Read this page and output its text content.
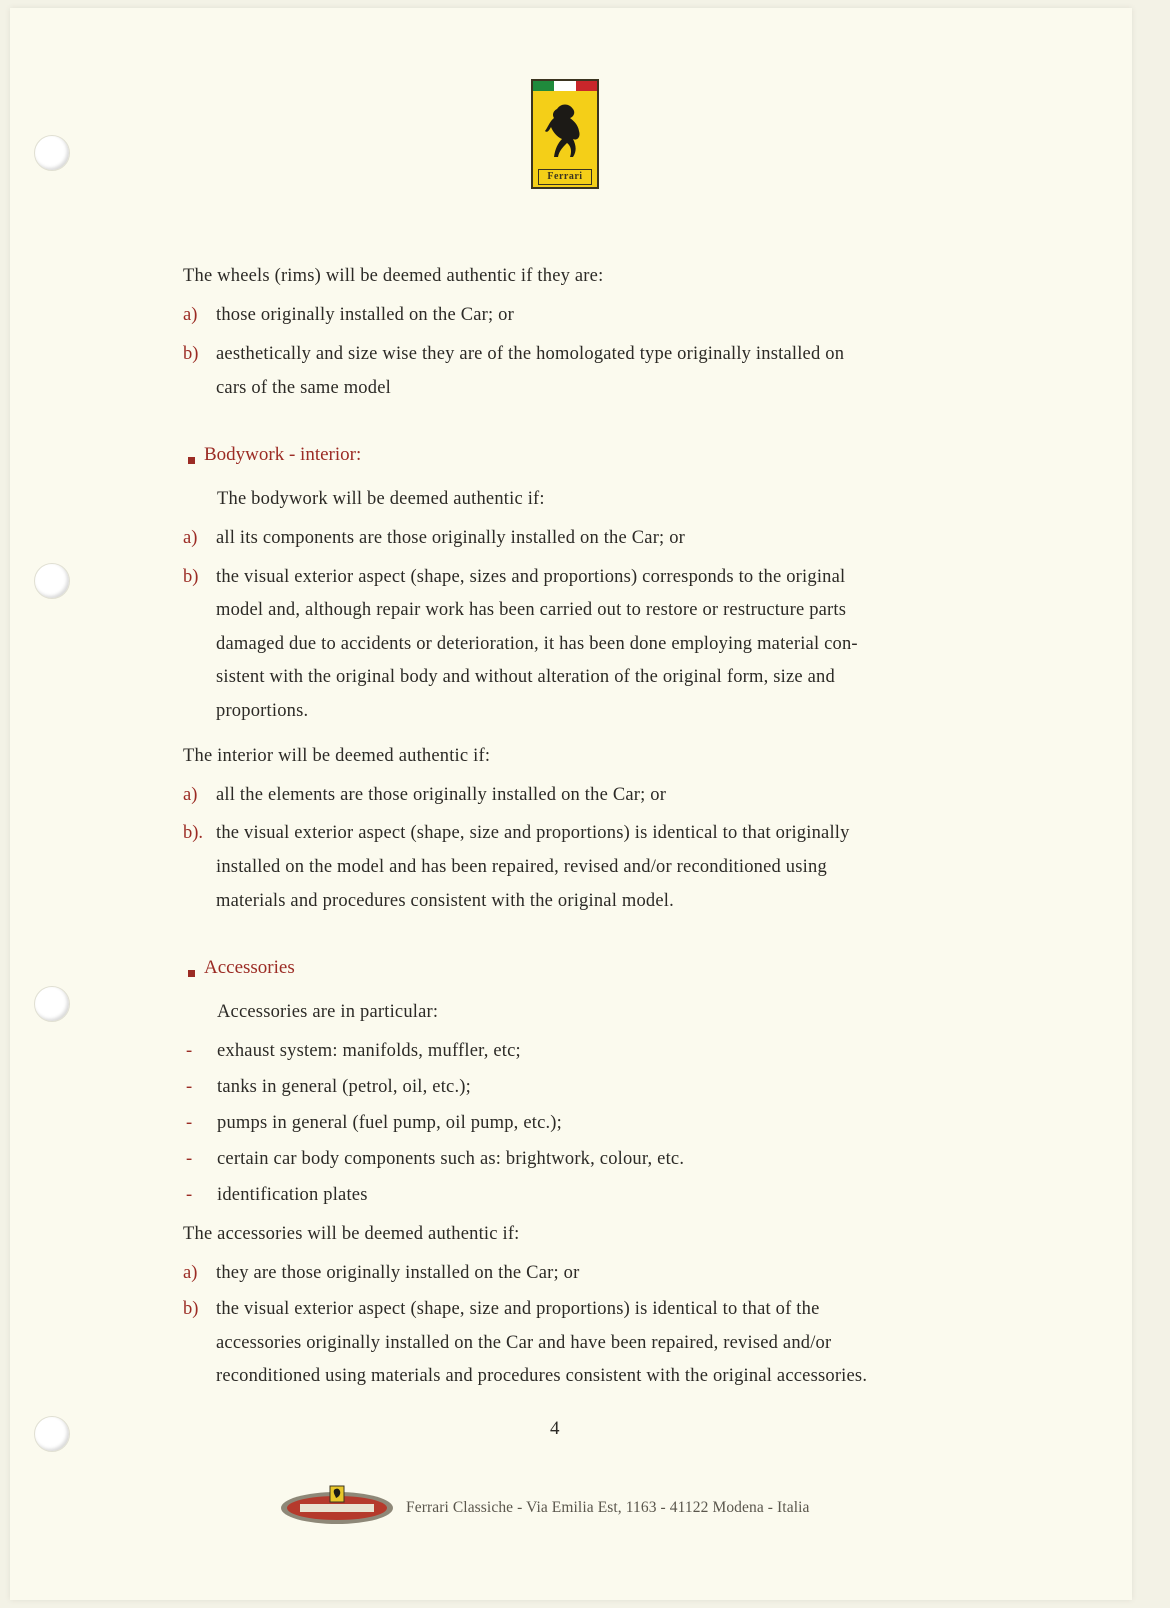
Ferrari
The wheels (rims) will be deemed authentic if they are:
a) those originally installed on the Car; or
b) aesthetically and size wise they are of the homologated type originally installed on
cars of the same model
Bodywork - interior:
The bodywork will be deemed authentic if:
a) all its components are those originally installed on the Car; or
b) the visual exterior aspect (shape, sizes and proportions) corresponds to the original
model and, although repair work has been carried out to restore or restructure parts
damaged due to accidents or deterioration, it has been done employing material con-
sistent with the original body and without alteration of the original form, size and
proportions.
The interior will be deemed authentic if:
a) all the elements are those originally installed on the Car; or
b). the visual exterior aspect (shape, size and proportions) is identical to that originally
installed on the model and has been repaired, revised and/or reconditioned using
materials and procedures consistent with the original model.
Accessories
Accessories are in particular:
- exhaust system: manifolds, muffler, etc;
- tanks in general (petrol, oil, etc.);
- pumps in general (fuel pump, oil pump, etc.);
- certain car body components such as: brightwork, colour, etc.
- identification plates
The accessories will be deemed authentic if:
a) they are those originally installed on the Car; or
b) the visual exterior aspect (shape, size and proportions) is identical to that of the
accessories originally installed on the Car and have been repaired, revised and/or
reconditioned using materials and procedures consistent with the original accessories.
4
Ferrari Classiche - Via Emilia Est, 1163 - 41122 Modena - Italia
